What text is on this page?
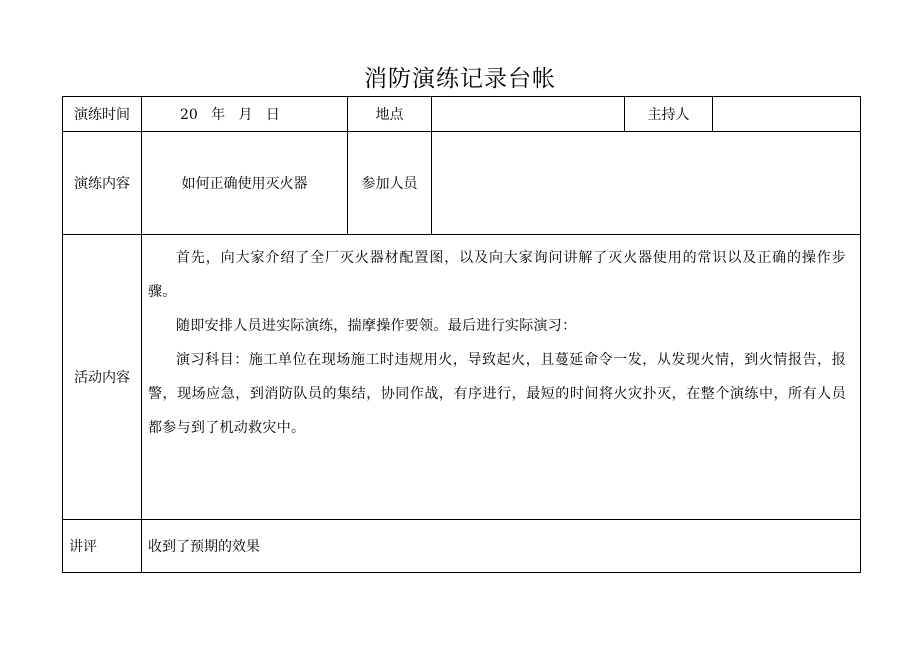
消防演练记录台帐
演练时间	20   年   月   日	地点		主持人	
演练内容	如何正确使用灭火器	参加人员			
活动内容	首先，向大家介绍了全厂灭火器材配置图，以及向大家询问讲解了灭火器使用的常识以及正确的操作步骤。

随即安排人员进实际演练，揣摩操作要领。最后进行实际演习：

演习科目：施工单位在现场施工时违规用火，导致起火，且蔓延命令一发，从发现火情，到火情报告，报警，现场应急，到消防队员的集结，协同作战，有序进行，最短的时间将火灾扑灭，在整个演练中，所有人员都参与到了机动救灾中。				

讲评	收到了预期的效果				
